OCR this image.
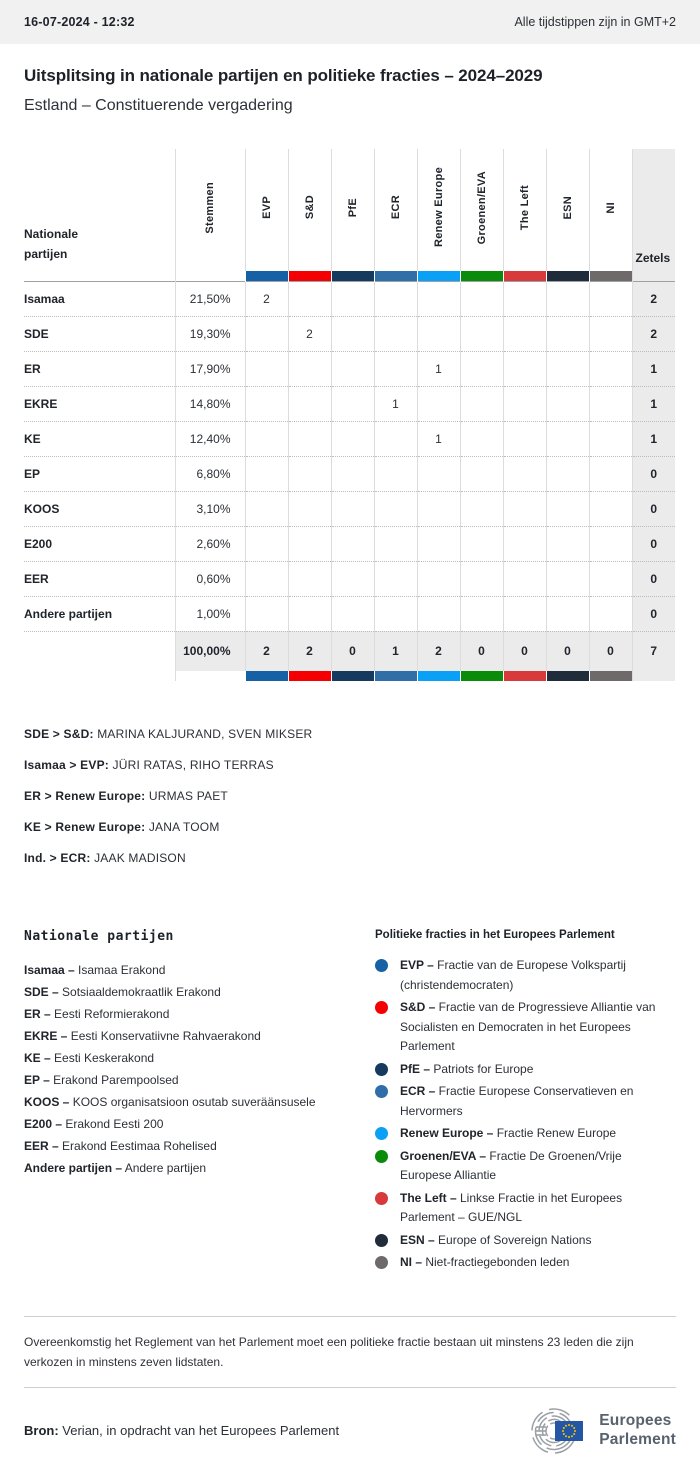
16-07-2024 - 12:32	Alle tijdstippen zijn in GMT+2
Uitsplitsing in nationale partijen en politieke fracties – 2024–2029
Estland – Constituerende vergadering
Nationale partijen	Stemmen	EVP	S&D	PfE	ECR	Renew Europe	Groenen/EVA	The Left	ESN	NI	Zetels

Isamaa	21,50%	2									2
SDE	19,30%		2								2
ER	17,90%					1					1
EKRE	14,80%				1						1
KE	12,40%					1					1
EP	6,80%										0
KOOS	3,10%										0
E200	2,60%										0
EER	0,60%										0
Andere partijen	1,00%										0
	100,00%	2	2	0	1	2	0	0	0	0	7

SDE > S&D: MARINA KALJURAND, SVEN MIKSER

Isamaa > EVP: JÜRI RATAS, RIHO TERRAS

ER > Renew Europe: URMAS PAET

KE > Renew Europe: JANA TOOM

Ind. > ECR: JAAK MADISON

Nationale partijen
Isamaa – Isamaa Erakond
SDE – Sotsiaaldemokraatlik Erakond
ER – Eesti Reformierakond
EKRE – Eesti Konservatiivne Rahvaerakond
KE – Eesti Keskerakond
EP – Erakond Parempoolsed
KOOS – KOOS organisatsioon osutab suveräänsusele
E200 – Erakond Eesti 200
EER – Erakond Eestimaa Rohelised
Andere partijen – Andere partijen
Politieke fracties in het Europees Parlement
EVP – Fractie van de Europese Volkspartij (christendemocraten)
S&D – Fractie van de Progressieve Alliantie van Socialisten en Democraten in het Europees Parlement
PfE – Patriots for Europe
ECR – Fractie Europese Conservatieven en Hervormers
Renew Europe – Fractie Renew Europe
Groenen/EVA – Fractie De Groenen/Vrije Europese Alliantie
The Left – Linkse Fractie in het Europees Parlement – GUE/NGL
ESN – Europe of Sovereign Nations
NI – Niet-fractiegebonden leden

Overeenkomstig het Reglement van het Parlement moet een politieke fractie bestaan uit minstens 23 leden die zijn verkozen in minstens zeven lidstaten.

Bron: Verian, in opdracht van het Europees Parlement

Europees
Parlement
